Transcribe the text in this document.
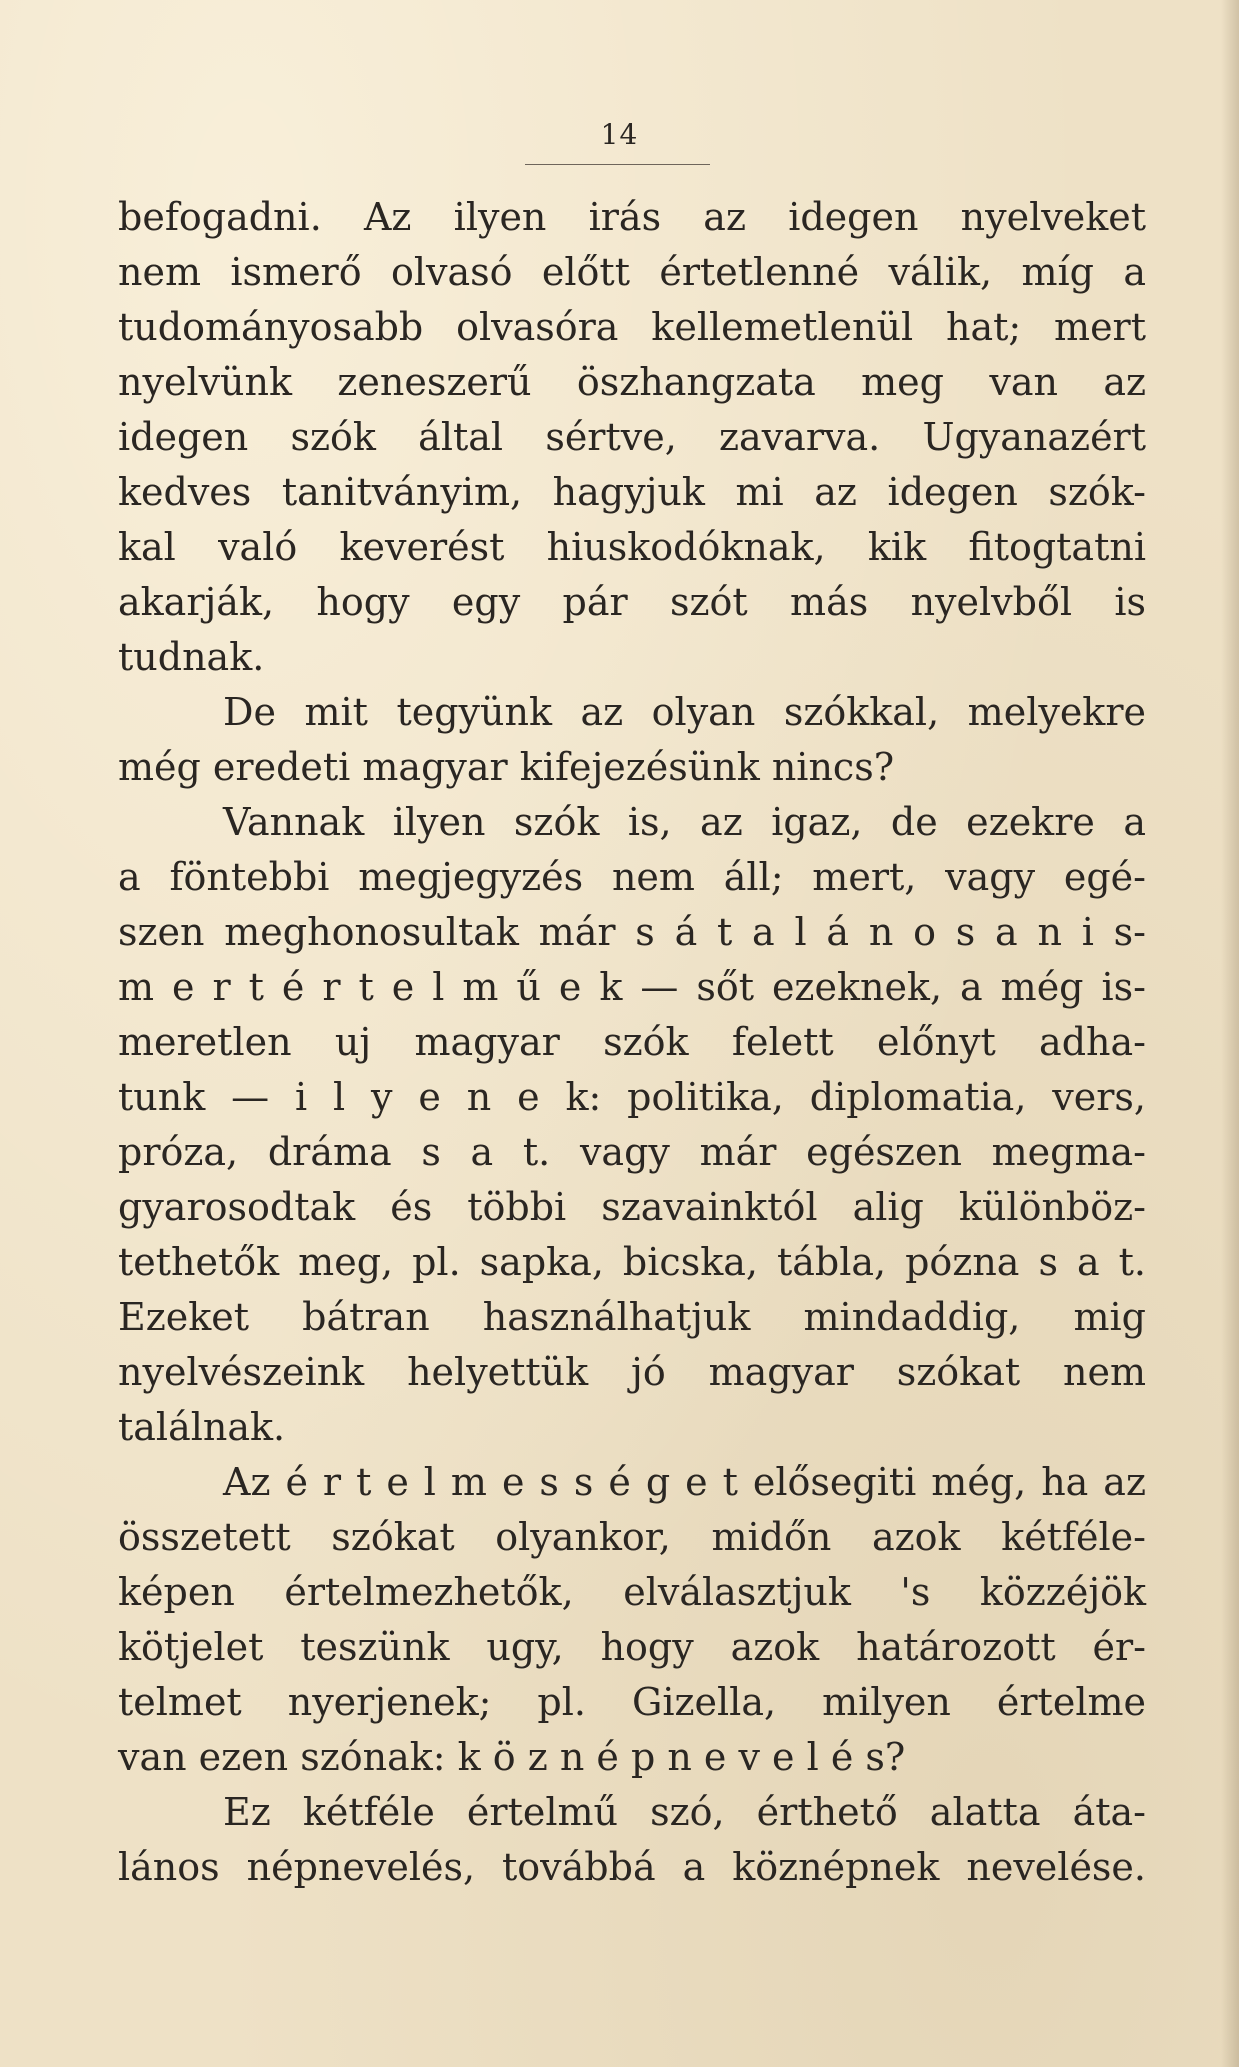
14
befogadni. Az ilyen irás az idegen nyelveket
nem ismerő olvasó előtt értetlenné válik, míg a
tudományosabb olvasóra kellemetlenül hat; mert
nyelvünk zeneszerű öszhangzata meg van az
idegen szók által sértve, zavarva. Ugyanazért
kedves tanitványim, hagyjuk mi az idegen szók-
kal való keverést hiuskodóknak, kik fitogtatni
akarják, hogy egy pár szót más nyelvből is
tudnak.
De mit tegyünk az olyan szókkal, melyekre
még eredeti magyar kifejezésünk nincs?
Vannak ilyen szók is, az igaz, de ezekre a
a föntebbi megjegyzés nem áll; mert, vagy egé-
szen meghonosultak már s á t a l á n o s a n i s-
m e r t é r t e l m ű e k — sőt ezeknek, a még is-
meretlen uj magyar szók felett előnyt adha-
tunk — i l y e n e k: politika, diplomatia, vers,
próza, dráma s a t. vagy már egészen megma-
gyarosodtak és többi szavainktól alig különböz-
tethetők meg, pl. sapka, bicska, tábla, pózna s a t.
Ezeket bátran használhatjuk mindaddig, mig
nyelvészeink helyettük jó magyar szókat nem
találnak.
Az é r t e l m e s s é g e t elősegiti még, ha az
összetett szókat olyankor, midőn azok kétféle-
képen értelmezhetők, elválasztjuk 's közzéjök
kötjelet teszünk ugy, hogy azok határozott ér-
telmet nyerjenek; pl. Gizella, milyen értelme
van ezen szónak: k ö z n é p n e v e l é s?
Ez kétféle értelmű szó, érthető alatta áta-
lános népnevelés, továbbá a köznépnek nevelése.
